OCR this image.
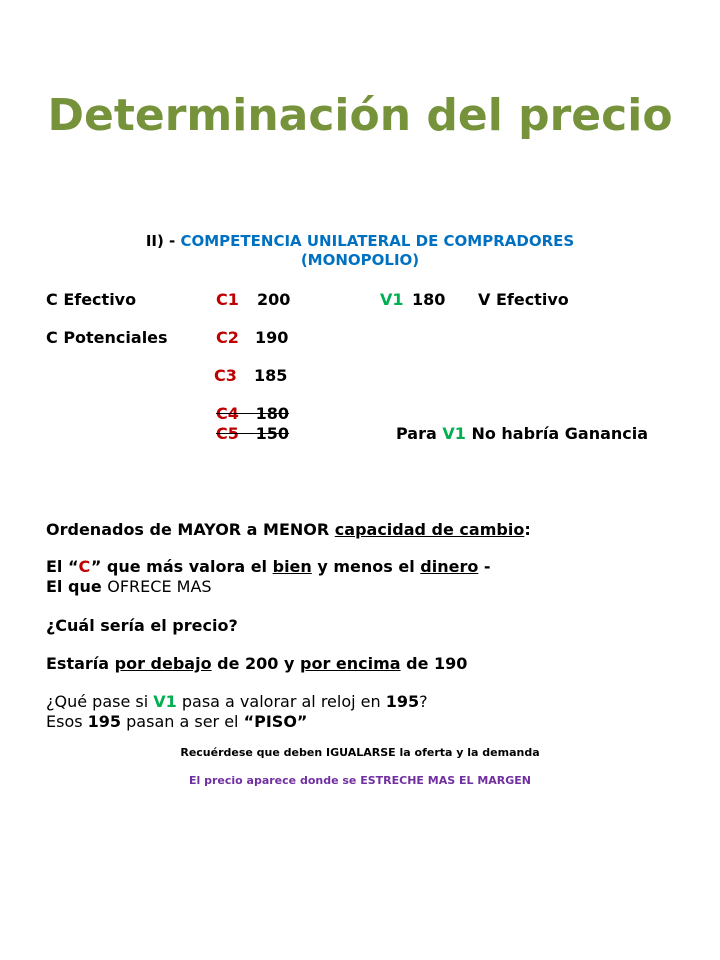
Determinación del precio
II) - COMPETENCIA UNILATERAL DE COMPRADORES
(MONOPOLIO)
C Efectivo	C1 200	V1 180 V Efectivo
C Potenciales	C2 190
C3 185
C4 180
C5 150	Para V1 No habría Ganancia
Ordenados de MAYOR a MENOR capacidad de cambio:
El “C” que más valora el bien y menos el dinero -
El que OFRECE MAS
¿Cuál sería el precio?
Estaría por debajo de 200 y por encima de 190
¿Qué pase si V1 pasa a valorar al reloj en 195?
Esos 195 pasan a ser el “PISO”
Recuérdese que deben IGUALARSE la oferta y la demanda
El precio aparece donde se ESTRECHE MAS EL MARGEN
